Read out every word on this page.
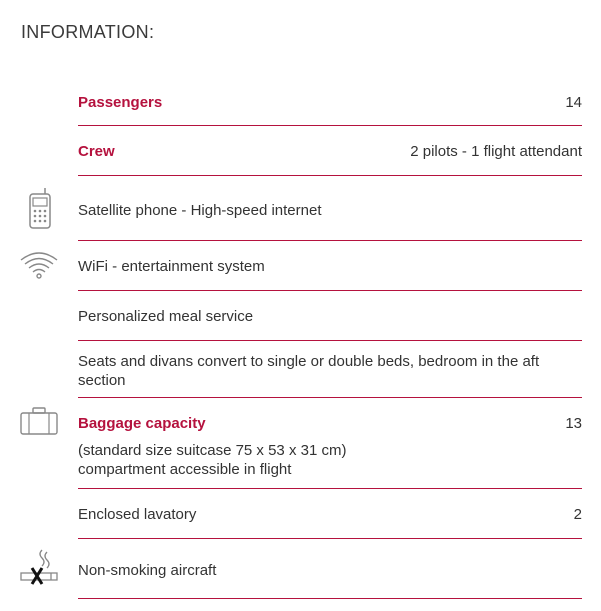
INFORMATION:
Passengers	14
Crew	2 pilots - 1 flight attendant
Satellite phone - High-speed internet
WiFi - entertainment system
Personalized meal service
Seats and divans convert to single or double beds, bedroom in the aft section
Baggage capacity	13
(standard size suitcase 75 x 53 x 31 cm)
compartment accessible in flight
Enclosed lavatory	2
Non-smoking aircraft
